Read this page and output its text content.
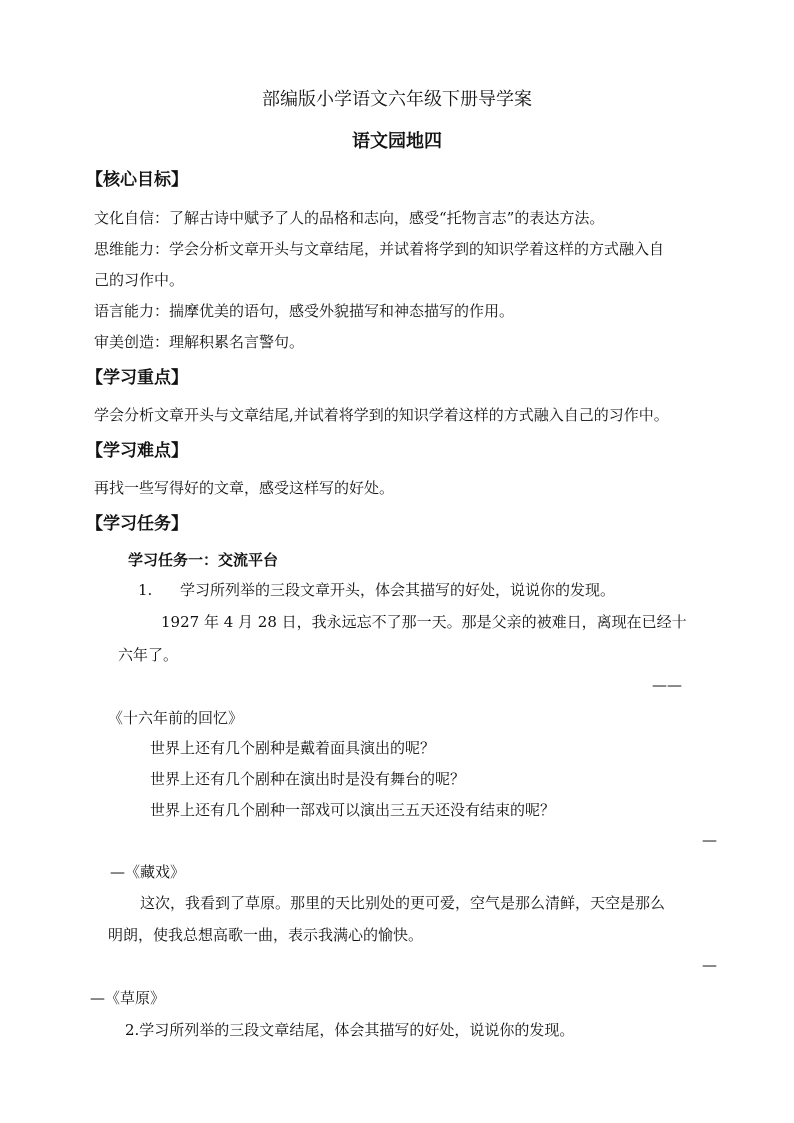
部编版小学语文六年级下册导学案
语文园地四
【核心目标】
文化自信：了解古诗中赋予了人的品格和志向，感受“托物言志”的表达方法。
思维能力：学会分析文章开头与文章结尾，并试着将学到的知识学着这样的方式融入自
己的习作中。
语言能力：揣摩优美的语句，感受外貌描写和神态描写的作用。
审美创造：理解积累名言警句。
【学习重点】
学会分析文章开头与文章结尾,并试着将学到的知识学着这样的方式融入自己的习作中。
【学习难点】
再找一些写得好的文章，感受这样写的好处。
【学习任务】
学习任务一：交流平台
1. 学习所列举的三段文章开头，体会其描写的好处，说说你的发现。
1927 年 4 月 28 日，我永远忘不了那一天。那是父亲的被难日，离现在已经十
六年了。
——
《十六年前的回忆》
世界上还有几个剧种是戴着面具演出的呢？
世界上还有几个剧种在演出时是没有舞台的呢？
世界上还有几个剧种一部戏可以演出三五天还没有结束的呢？
—
—《藏戏》
这次，我看到了草原。那里的天比别处的更可爱，空气是那么清鲜，天空是那么
明朗，使我总想高歌一曲，表示我满心的愉快。
—
—《草原》
2.学习所列举的三段文章结尾，体会其描写的好处，说说你的发现。
